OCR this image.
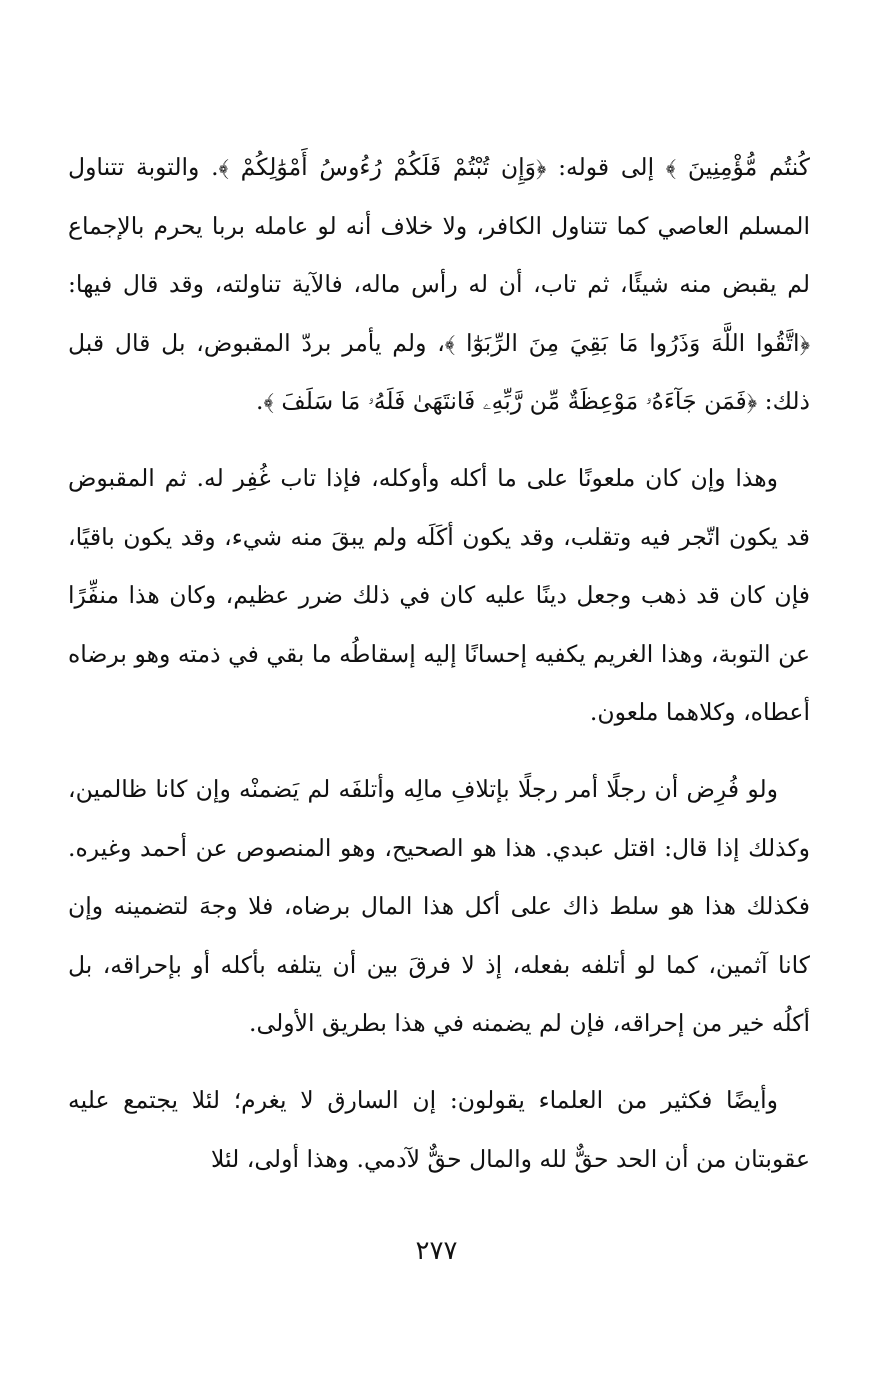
كُنتُم مُّؤْمِنِينَ ﴾ إلى قوله: ﴿وَإِن تُبْتُمْ فَلَكُمْ رُءُوسُ أَمْوَٰلِكُمْ ﴾. والتوبة تتناول المسلم العاصي كما تتناول الكافر، ولا خلاف أنه لو عامله بربا يحرم بالإجماع لم يقبض منه شيئًا، ثم تاب، أن له رأس ماله، فالآية تناولته، وقد قال فيها: ﴿اتَّقُوا اللَّهَ وَذَرُوا مَا بَقِيَ مِنَ الرِّبَوٰٓا ﴾، ولم يأمر بردّ المقبوض، بل قال قبل ذلك: ﴿فَمَن جَآءَهُۥ مَوْعِظَةٌ مِّن رَّبِّهِۦ فَانتَهَىٰ فَلَهُۥ مَا سَلَفَ ﴾.

وهذا وإن كان ملعونًا على ما أكله وأوكله، فإذا تاب غُفِر له. ثم المقبوض قد يكون اتّجر فيه وتقلب، وقد يكون أكَلَه ولم يبقَ منه شيء، وقد يكون باقيًا، فإن كان قد ذهب وجعل دينًا عليه كان في ذلك ضرر عظيم، وكان هذا منفِّرًا عن التوبة، وهذا الغريم يكفيه إحسانًا إليه إسقاطُه ما بقي في ذمته وهو برضاه أعطاه، وكلاهما ملعون.

ولو فُرِض أن رجلًا أمر رجلًا بإتلافِ مالِه وأتلفَه لم يَضمنْه وإن كانا ظالمين، وكذلك إذا قال: اقتل عبدي. هذا هو الصحيح، وهو المنصوص عن أحمد وغيره. فكذلك هذا هو سلط ذاك على أكل هذا المال برضاه، فلا وجهَ لتضمينه وإن كانا آثمين، كما لو أتلفه بفعله، إذ لا فرقَ بين أن يتلفه بأكله أو بإحراقه، بل أكلُه خير من إحراقه، فإن لم يضمنه في هذا بطريق الأولى.

وأيضًا فكثير من العلماء يقولون: إن السارق لا يغرم؛ لئلا يجتمع عليه عقوبتان من أن الحد حقٌّ لله والمال حقٌّ لآدمي. وهذا أولى، لئلا

٢٧٧
